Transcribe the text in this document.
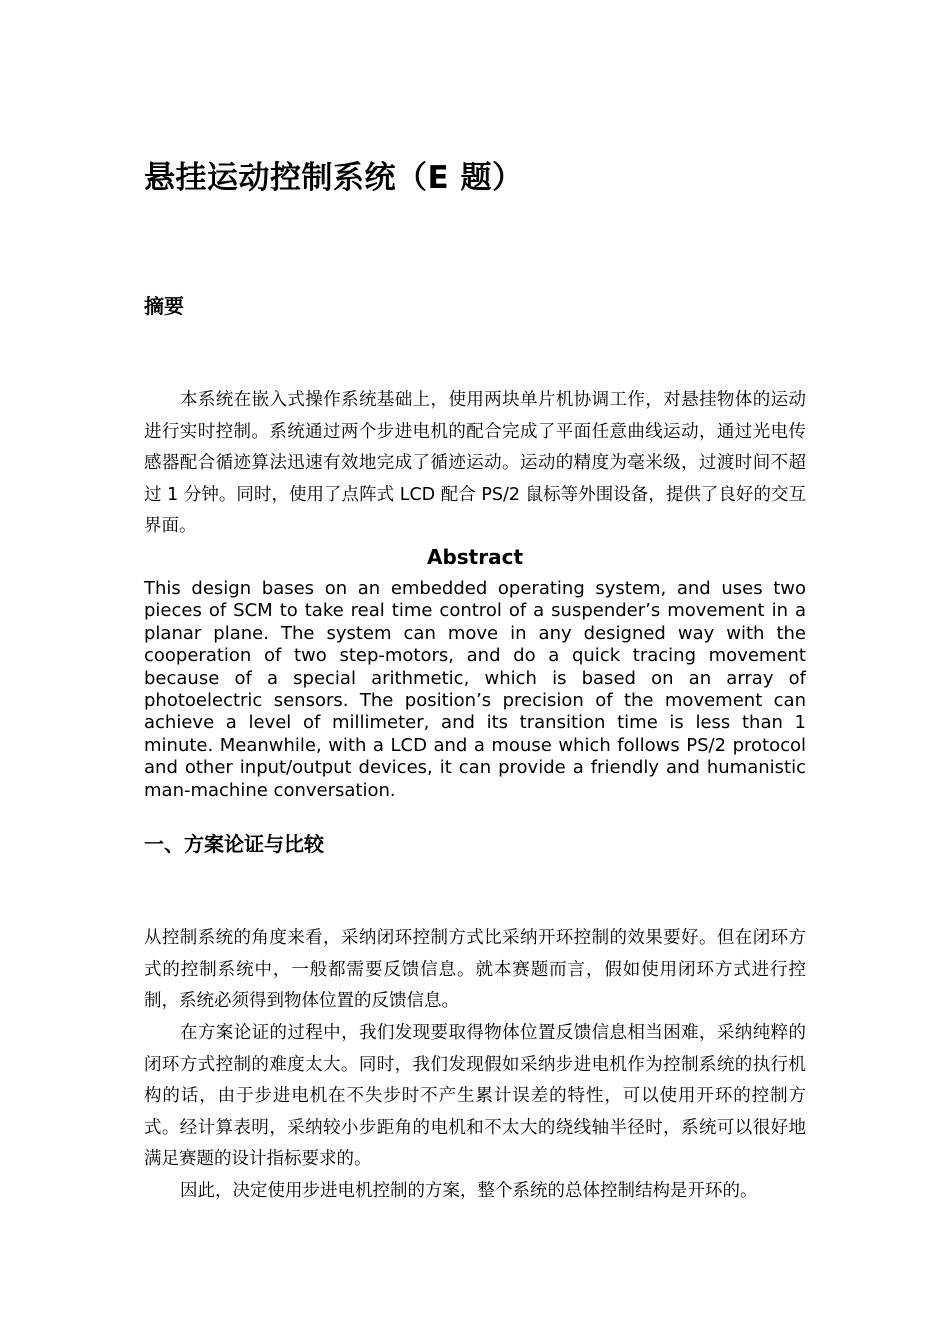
悬挂运动控制系统（E 题）
摘要

本系统在嵌入式操作系统基础上，使用两块单片机协调工作，对悬挂物体的运动进行实时控制。系统通过两个步进电机的配合完成了平面任意曲线运动，通过光电传感器配合循迹算法迅速有效地完成了循迹运动。运动的精度为毫米级，过渡时间不超过 1 分钟。同时，使用了点阵式 LCD 配合 PS/2 鼠标等外围设备，提供了良好的交互界面。

Abstract

This design bases on an embedded operating system, and uses two pieces of SCM to take real time control of a suspender’s movement in a planar plane. The system can move in any designed way with the cooperation of two step-motors, and do a quick tracing movement because of a special arithmetic, which is based on an array of photoelectric sensors. The position’s precision of the movement can achieve a level of millimeter, and its transition time is less than 1 minute. Meanwhile, with a LCD and a mouse which follows PS/2 protocol and other input/output devices, it can provide a friendly and humanistic man-machine conversation.

一、方案论证与比较

从控制系统的角度来看，采纳闭环控制方式比采纳开环控制的效果要好。但在闭环方式的控制系统中，一般都需要反馈信息。就本赛题而言，假如使用闭环方式进行控制，系统必须得到物体位置的反馈信息。

在方案论证的过程中，我们发现要取得物体位置反馈信息相当困难，采纳纯粹的闭环方式控制的难度太大。同时，我们发现假如采纳步进电机作为控制系统的执行机构的话，由于步进电机在不失步时不产生累计误差的特性，可以使用开环的控制方式。经计算表明，采纳较小步距角的电机和不太大的绕线轴半径时，系统可以很好地满足赛题的设计指标要求的。

因此，决定使用步进电机控制的方案，整个系统的总体控制结构是开环的。
